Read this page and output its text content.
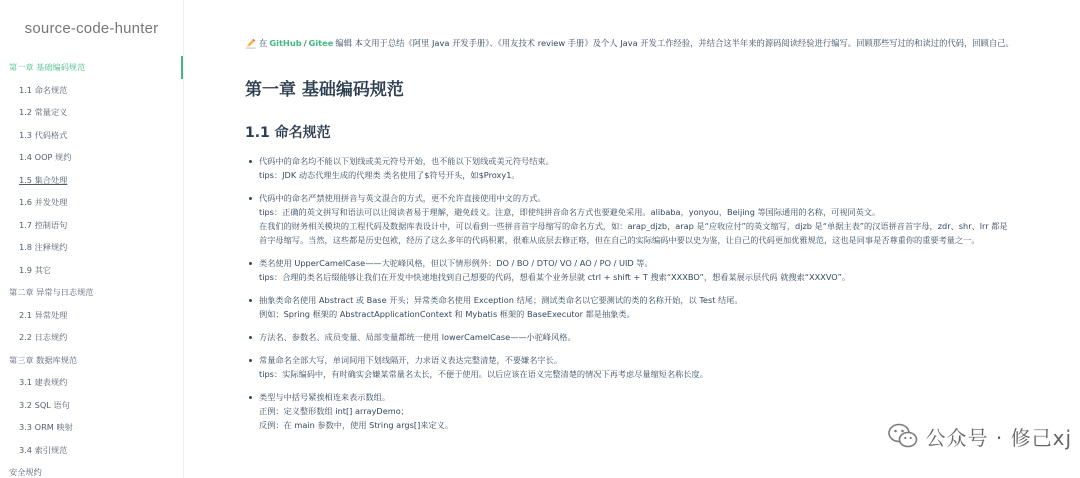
source-code-hunter
第一章 基础编码规范
1.1 命名规范
1.2 常量定义
1.3 代码格式
1.4 OOP 规约
1.5 集合处理
1.6 并发处理
1.7 控制语句
1.8 注释规约
1.9 其它
第二章 异常与日志规范
2.1 异常处理
2.2 日志规约
第三章 数据库规范
3.1 建表规约
3.2 SQL 语句
3.3 ORM 映射
3.4 索引规范
安全规约

在 GitHub / Gitee 编辑 本文用于总结《阿里 Java 开发手册》、《用友技术 review 手册》及个人 Java 开发工作经验，并结合这半年来的源码阅读经验进行编写。回顾那些写过的和读过的代码，回顾自己。

第一章 基础编码规范
1.1 命名规范
代码中的命名均不能以下划线或美元符号开始，也不能以下划线或美元符号结束。
tips：JDK 动态代理生成的代理类 类名使用了$符号开头，如$Proxy1。
代码中的命名严禁使用拼音与英文混合的方式，更不允许直接使用中文的方式。
tips：正确的英文拼写和语法可以让阅读者易于理解，避免歧义。注意，即使纯拼音命名方式也要避免采用。alibaba，yonyou，Beijing 等国际通用的名称，可视同英文。
在我们的财务相关模块的工程代码及数据库表设计中，可以看到一些拼音首字母缩写的命名方式，如：arap_djzb，arap 是“应收应付”的英文缩写，djzb 是“单据主表”的汉语拼音首字母，zdr、shr、lrr 都是
首字母缩写。当然，这些都是历史包袱，经历了这么多年的代码积累，很难从底层去修正咯，但在自己的实际编码中要以史为鉴，让自己的代码更加优雅规范，这也是同事是否尊重你的重要考量之一。
类名使用 UpperCamelCase——大驼峰风格，但以下情形例外：DO / BO / DTO/ VO / AO / PO / UID 等。
tips：合理的类名后缀能够让我们在开发中快速地找到自己想要的代码，想看某个业务层就 ctrl + shift + T 搜索“XXXBO”，想看某展示层代码 就搜索“XXXVO”。
抽象类命名使用 Abstract 或 Base 开头；异常类命名使用 Exception 结尾；测试类命名以它要测试的类的名称开始，以 Test 结尾。
例如：Spring 框架的 AbstractApplicationContext 和 Mybatis 框架的 BaseExecutor 都是抽象类。
方法名、参数名、成员变量、局部变量都统一使用 lowerCamelCase——小驼峰风格。
常量命名全部大写，单词间用下划线隔开，力求语义表达完整清楚，不要嫌名字长。
tips：实际编码中，有时确实会嫌某常量名太长，不便于使用。以后应该在语义完整清楚的情况下再考虑尽量缩短名称长度。
类型与中括号紧挨相连来表示数组。
正例：定义整形数组 int[] arrayDemo；
反例：在 main 参数中，使用 String args[]来定义。
公众号 · 修己xj
